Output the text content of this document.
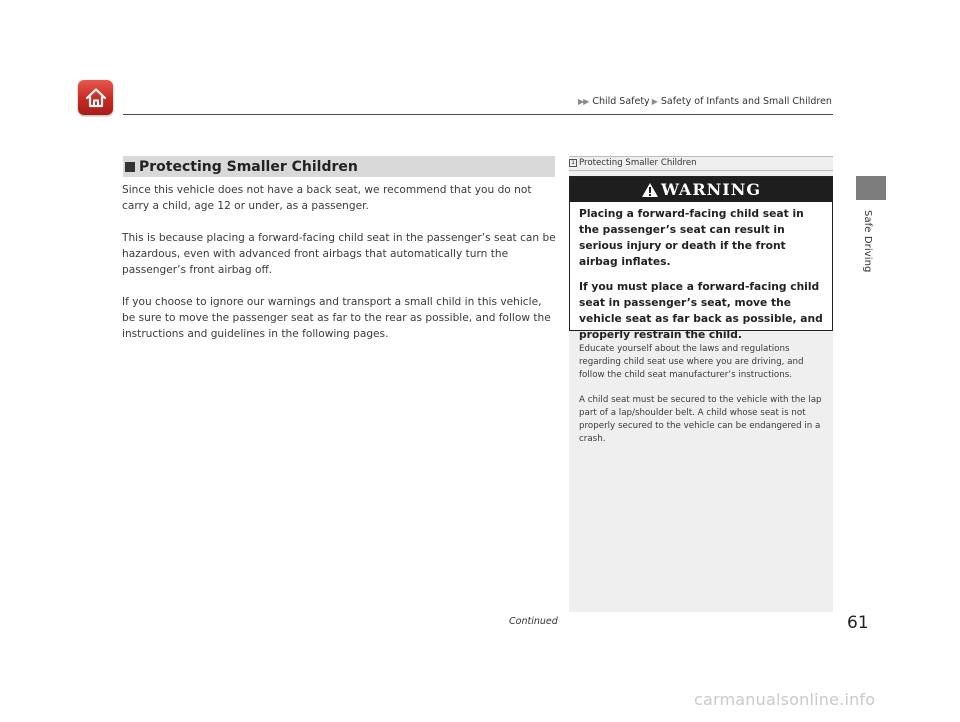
▶ ▶ Child Safety ▶ Safety of Infants and Small Children
Safe Driving
Protecting Smaller Children

Since this vehicle does not have a back seat, we recommend that you do not carry a child, age 12 or under, as a passenger.

This is because placing a forward-facing child seat in the passenger’s seat can be hazardous, even with advanced front airbags that automatically turn the passenger’s front airbag off.

If you choose to ignore our warnings and transport a small child in this vehicle, be sure to move the passenger seat as far to the rear as possible, and follow the instructions and guidelines in the following pages.

1 Protecting Smaller Children
WARNING

Placing a forward-facing child seat in the passenger’s seat can result in serious injury or death if the front airbag inflates.

If you must place a forward-facing child seat in passenger’s seat, move the vehicle seat as far back as possible, and properly restrain the child.

Educate yourself about the laws and regulations regarding child seat use where you are driving, and follow the child seat manufacturer’s instructions.

A child seat must be secured to the vehicle with the lap part of a lap/shoulder belt. A child whose seat is not properly secured to the vehicle can be endangered in a crash.

Continued	61
carmanualsonline.info
